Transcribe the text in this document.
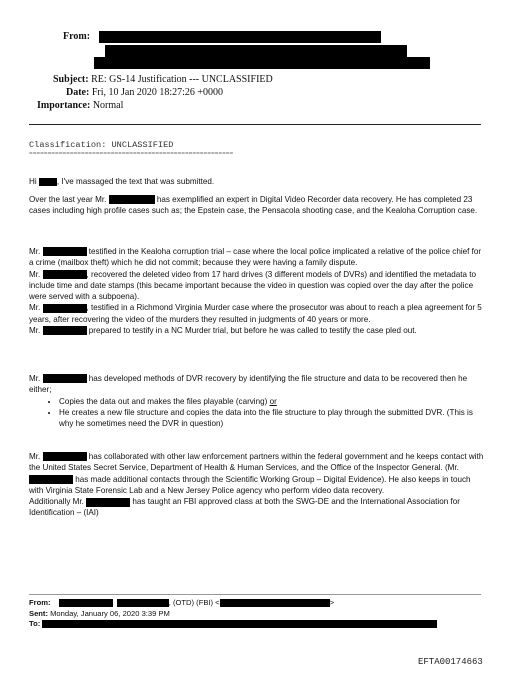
From:
Subject: RE: GS-14 Justification --- UNCLASSIFIED
Date: Fri, 10 Jan 2020 18:27:26 +0000
Importance: Normal
Classification: UNCLASSIFIED
=======================================================
Hi	, I've massaged the text that was submitted.

Over the last year Mr.	has exemplified an expert in Digital Video Recorder data recovery. He has completed 23 cases including high profile cases such as; the Epstein case, the Pensacola shooting case, and the Kealoha Corruption case.

Mr.	testified in the Kealoha corruption trial – case where the local police implicated a relative of the police chief for a crime (mailbox theft) which he did not commit; because they were having a family dispute.
Mr.	, recovered the deleted video from 17 hard drives (3 different models of DVRs) and identified the metadata to include time and date stamps (this became important because the video in question was copied over the day after the police were served with a subpoena).
Mr.	, testified in a Richmond Virginia Murder case where the prosecutor was about to reach a plea agreement for 5 years, after recovering the video of the murders they resulted in judgments of 40 years or more.
Mr.	prepared to testify in a NC Murder trial, but before he was called to testify the case pled out.

Mr.	has developed methods of DVR recovery by identifying the file structure and data to be recovered then he either;

• Copies the data out and makes the files playable (carving) or
• He creates a new file structure and copies the data into the file structure to play through the submitted DVR. (This is why he sometimes need the DVR in question)

Mr.	has collaborated with other law enforcement partners within the federal government and he keeps contact with the United States Secret Service, Department of Health & Human Services, and the Office of the Inspector General. (Mr.  has made additional contacts through the Scientific Working Group – Digital Evidence). He also keeps in touch with Virginia State Forensic Lab and a New Jersey Police agency who perform video data recovery.
Additionally Mr.	has taught an FBI approved class at both the SWG-DE and the International Association for Identification – (IAI)

From:	, (OTD) (FBI) <	>
Sent: Monday, January 06, 2020 3:39 PM
To:
EFTA00174663
